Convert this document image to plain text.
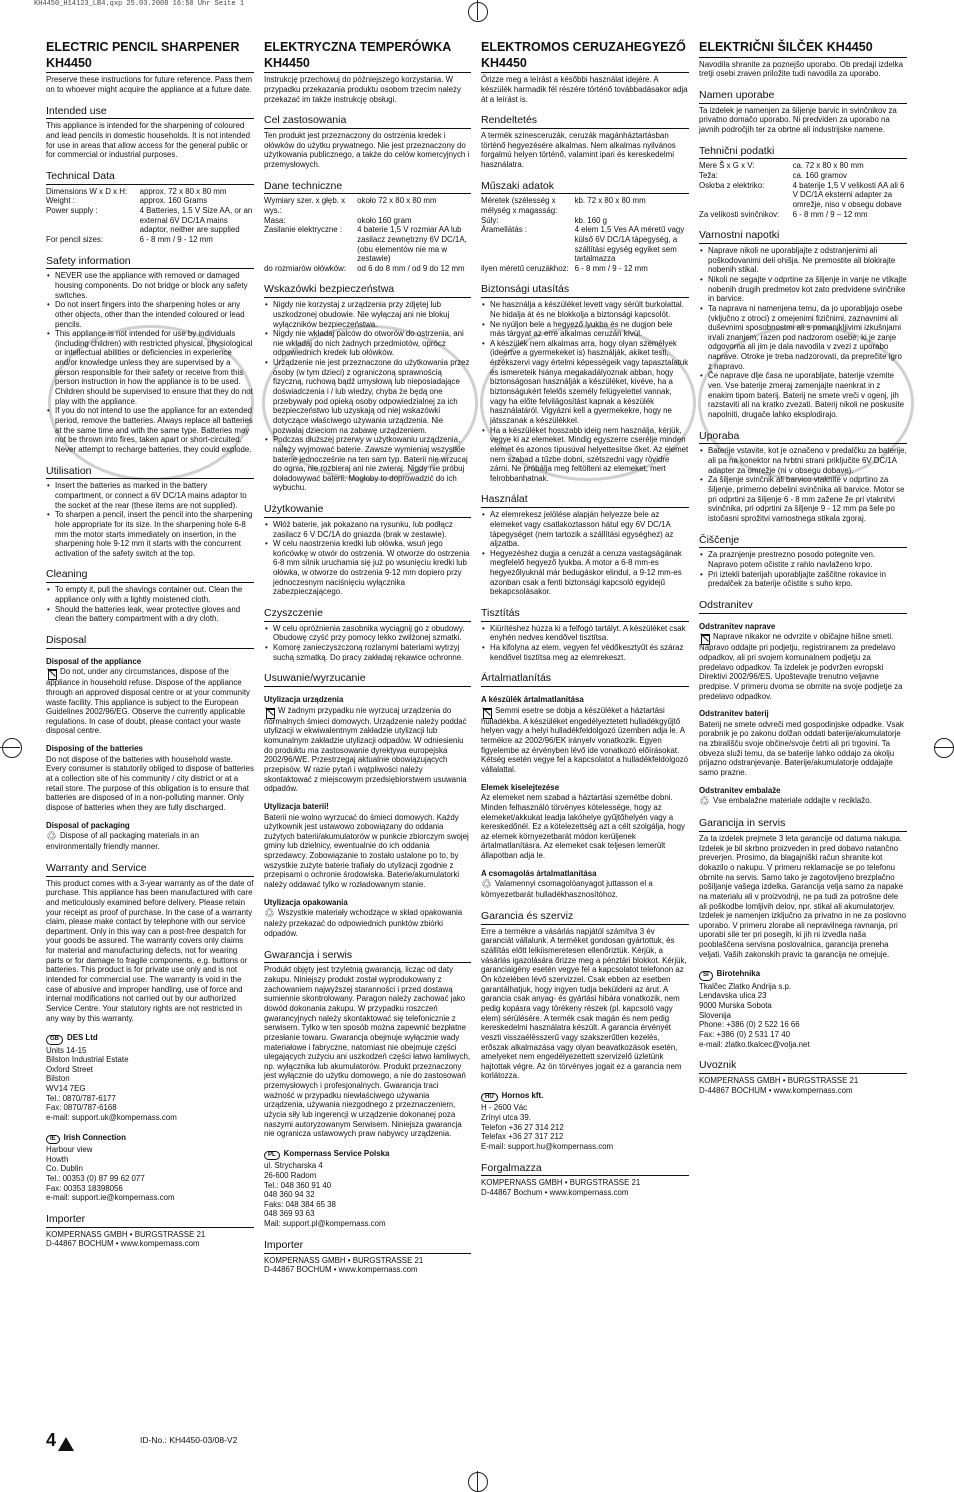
KH4450_H14123_LB4.qxp 25.03.2008 16:50 Uhr Seite 1
ELECTRIC PENCIL SHARPENER KH4450

Preserve these instructions for future reference. Pass them on to whoever might acquire the appliance at a future date.

Intended use

This appliance is intended for the sharpening of coloured and lead pencils in domestic households. It is not intended for use in areas that allow access for the general public or for commercial or industrial purposes.

Technical Data
Dimensions W x D x H:	approx. 72 x 80 x 80 mm
Weight :	approx. 160 Grams
Power supply :	4 Batteries, 1.5 V Size AA, or an external 6V DC/1A mains adaptor, neither are supplied
For pencil sizes:	6 - 8 mm / 9 - 12 mm
Safety information
• NEVER use the appliance with removed or damaged housing components. Do not bridge or block any safety switches.
• Do not insert fingers into the sharpening holes or any other objects, other than the intended coloured or lead pencils.
• This appliance is not intended for use by individuals (including children) with restricted physical, physiological or intellectual abilities or deficiencies in experience and/or knowledge unless they are supervised by a person responsible for their safety or receive from this person instruction in how the appliance is to be used. Children should be supervised to ensure that they do not play with the appliance.
• If you do not intend to use the appliance for an extended period, remove the batteries. Always replace all batteries at the same time and with the same type. Batteries may not be thrown into fires, taken apart or short-circuited. Never attempt to recharge batteries, they could explode.
Utilisation
• Insert the batteries as marked in the battery compartment, or connect a 6V DC/1A mains adaptor to the socket at the rear (these items are not supplied).
• To sharpen a pencil, insert the pencil into the sharpening hole appropriate for its size. In the sharpening hole 6-8 mm the motor starts immediately on insertion, in the sharpening hole 9-12 mm it starts with the concurrent activation of the safety switch at the top.
Cleaning
• To empty it, pull the shavings container out. Clean the appliance only with a lightly moistened cloth.
• Should the batteries leak, wear protective gloves and clean the battery compartment with a dry cloth.
Disposal
Disposal of the appliance

Do not, under any circumstances, dispose of the appliance in household refuse. Dispose of the appliance through an approved disposal centre or at your community waste facility. This appliance is subject to the European Guidelines 2002/96/EG. Observe the currently applicable regulations. In case of doubt, please contact your waste disposal centre.

Disposing of the batteries

Do not dispose of the batteries with household waste. Every consumer is statutorily obliged to dispose of batteries at a collection site of his community / city district or at a retail store. The purpose of this obligation is to ensure that batteries are disposed of in a non-polluting manner. Only dispose of batteries when they are fully discharged.

Disposal of packaging

♲Dispose of all packaging materials in an environmentally friendly manner.

Warranty and Service

This product comes with a 3-year warranty as of the date of purchase. This appliance has been manufactured with care and meticulously examined before delivery. Please retain your receipt as proof of purchase. In the case of a warranty claim, please make contact by telephone with our service department. Only in this way can a post-free despatch for your goods be assured. The warranty covers only claims for material and manufacturing defects, not for wearing parts or for damage to fragile components, e.g. buttons or batteries. This product is for private use only and is not intended for commercial use. The warranty is void in the case of abusive and improper handling, use of force and internal modifications not carried out by our authorized Service Centre. Your statutory rights are not restricted in any way by this warranty.

GB DES Ltd

Units 14-15

Bilston Industrial Estate

Oxford Street

Bilston

WV14 7EG

Tel.: 0870/787-6177

Fax: 0870/787-6168

e-mail: support.uk@kompernass.com

IE Irish Connection

Harbour view

Howth

Co. Dublin

Tel.: 00353 (0) 87 99 62 077

Fax: 00353 18398056

e-mail: support.ie@kompernass.com

Importer

KOMPERNASS GMBH • BURGSTRASSE 21

D-44867 BOCHUM • www.kompernass.com

ELEKTRYCZNA TEMPERÓWKA KH4450

Instrukcję przechowuj do późniejszego korzystania. W przypadku przekazania produktu osobom trzecim należy przekazać im także instrukcję obsługi.

Cel zastosowania

Ten produkt jest przeznaczony do ostrzenia kredek i ołówków do użytku prywatnego. Nie jest przeznaczony do użytkowania publicznego, a także do celów komercyjnych i przemysłowych.

Dane techniczne
Wymiary szer. x głęb. x wys.:	około 72 x 80 x 80 mm
Masa:	około 160 gram
Zasilanie elektryczne :	4 baterie 1,5 V rozmiar AA lub zasilacz zewnętrzny 6V DC/1A, (obu elementów nie ma w zestawie)
do rozmiarów ołówków:	od 6 do 8 mm / od 9 do 12 mm
Wskazówki bezpieczeństwa
• Nigdy nie korzystaj z urządzenia przy zdjętej lub uszkodzonej obudowie. Nie wyłączaj ani nie blokuj wyłączników bezpieczeństwa.
• Nigdy nie wkładaj palców do otworów do ostrzenia, ani nie wkładaj do nich żadnych przedmiotów, oprócz odpowiednich kredek lub ołówków.
• Urządzenie nie jest przeznaczone do użytkowania przez osoby (w tym dzieci) z ograniczoną sprawnością fizyczną, ruchową bądź umysłową lub nieposiadające doświadczenia i / lub wiedzy, chyba że będą one przebywały pod opieką osoby odpowiedzialnej za ich bezpieczeństwo lub uzyskają od niej wskazówki dotyczące właściwego używania urządzenia. Nie pozwalaj dzieciom na zabawę urządzeniem.
• Podczas dłuższej przerwy w użytkowaniu urządzenia, należy wyjmować baterie. Zawsze wymieniaj wszystkie baterie jednocześnie na ten sam typ. Baterii nie wrzucaj do ognia, nie rozbieraj ani nie zwieraj. Nigdy nie próbuj doładowywać baterii. Mogłoby to doprowadzić do ich wybuchu.
Użytkowanie
• Włóż baterie, jak pokazano na rysunku, lub podłącz zasilacz 6 V DC/1A do gniazda (brak w zestawie).
• W celu naostrzenia kredki lub ołówka, wsuń jego końcówkę w otwór do ostrzenia. W otworze do ostrzenia 6-8 mm silnik uruchamia się już po wsunięciu kredki lub ołówka, w otworze do ostrzenia 9-12 mm dopiero przy jednoczesnym naciśnięciu wyłącznika zabezpieczającego.
Czyszczenie
• W celu opróżnienia zasobnika wyciągnij go z obudowy. Obudowę czyść przy pomocy lekko zwilżonej szmatki.
• Komorę zanieczyszczoną rozlanymi bateriami wytrzyj suchą szmatką. Do pracy zakładaj rękawice ochronne.
Usuwanie/wyrzucanie
Utylizacja urządzenia

W żadnym przypadku nie wyrzucaj urządzenia do normalnych śmieci domowych. Urządzenie należy poddać utylizacji w ekwiwalentnym zakładzie utylizacji lub komunalnym zakładzie utylizacji odpadów. W odniesieniu do produktu ma zastosowanie dyrektywa europejska 2002/96/WE. Przestrzegaj aktualnie obowiązujących przepisów. W razie pytań i wątpliwości należy skontaktować z miejscowym przedsiębiorstwem usuwania odpadów.

Utylizacja baterii!

Baterii nie wolno wyrzucać do śmieci domowych. Każdy użytkownik jest ustawowo zobowiązany do oddania zużytych baterii/akumulatorów w punkcie zbiorczym swojej gminy lub dzielnicy, ewentualnie do ich oddania sprzedawcy. Zobowiązanie to zostało ustalone po to, by wszystkie zużyte baterie trafiały do utylizacji zgodnie z przepisami o ochronie środowiska. Baterie/akumulatorki należy oddawać tylko w rozładowanym stanie.

Utylizacja opakowania

♲Wszystkie materiały wchodzące w skład opakowania należy przekazać do odpowiednich punktów zbiórki odpadów.

Gwarancja i serwis

Produkt objęty jest trzyletnią gwarancją, licząc od daty zakupu. Niniejszy produkt został wyprodukowany z zachowaniem najwyższej staranności i przed dostawą sumiennie skontrolowany. Paragon należy zachować jako dowód dokonania zakupu. W przypadku roszczeń gwarancyjnych należy skontaktować się telefonicznie z serwisem. Tylko w ten sposób można zapewnić bezpłatne przesłanie towaru. Gwarancja obejmuje wyłącznie wady materiałowe i fabryczne, natomiast nie obejmuje części ulegających zużyciu ani uszkodzeń części łatwo łamliwych, np. wyłącznika lub akumulatorów. Produkt przeznaczony jest wyłącznie do użytku domowego, a nie do zastosowań przemysłowych i profesjonalnych. Gwarancja traci ważność w przypadku niewłaściwego używania urządzenia, używania niezgodnego z przeznaczeniem, użycia siły lub ingerencji w urządzenie dokonanej poza naszymi autoryzowanym Serwisem. Niniejsza gwarancja nie ogranicza ustawowych praw nabywcy urządzenia.

PL Kompernass Service Polska

ul. Strycharska 4

26-600 Radom

Tel.: 048 360 91 40

048 360 94 32

Faks: 048 384 65 38

048 369 93 63

Mail: support.pl@kompernass.com

Importer

KOMPERNASS GMBH • BURGSTRASSE 21

D-44867 BOCHUM • www.kompernass.com

ELEKTROMOS CERUZAHEGYEZŐ KH4450

Őrizze meg a leírást a későbbi használat idejére. A készülék harmadik fél részére történő továbbadásakor adja át a leírást is.

Rendeltetés

A termék színesceruzák, ceruzák magánháztartásban történő hegyezésére alkalmas. Nem alkalmas nyilvános forgalmú helyen történő, valamint ipari és kereskedelmi használatra.

Műszaki adatok
Méretek (szélesség x mélység x magasság:	kb. 72 x 80 x 80 mm
Súly:	kb. 160 g
Áramellátás :	4 elem 1,5 Ves AA méretű vagy külső 6V DC/1A tápegység, a szállítási egység egyiket sem tartalmazza
ilyen méretű ceruzákhoz:	6 - 8 mm / 9 - 12 mm
Biztonsági utasítás
• Ne használja a készüléket levett vagy sérült burkolattal. Ne hidalja át és ne blokkolja a biztonsági kapcsolót.
• Ne nyúljon bele a hegyező lyukba és ne dugjon bele más tárgyat az erre alkalmas ceruzán kívül.
• A készülék nem alkalmas arra, hogy olyan személyek (ideértve a gyermekeket is) használják, akiket testi, érzékszervi vagy értelmi képességeik vagy tapasztalatuk és ismereteik hiánya megakadályoznak abban, hogy biztonságosan használják a készüléket, kivéve, ha a biztonságukért felelős személy felügyelettel vannak, vagy ha előte felvilágosítást kapnak a készülék használatáról. Vigyázni kell a gyermekekre, hogy ne játsszanak a készülékkel.
• Ha a készüléket hosszabb ideig nem használja, kérjük, vegye ki az elemeket. Mindig egyszerre cserélje minden elemet és azonos típusúval helyettesítse őket. Az elemet nem szabad a tűzbe dobni, szétszedni vagy rövidre zárni. Ne próbálja meg feltölteni az elemeket, mert felrobbanhatnak.
Használat
• Az elemrekesz jelölése alapján helyezze bele az elemeket vagy csatlakoztasson hátul egy 6V DC/1A tápegységet (nem tartozik a szállítási egységhez) az aljzatba.
• Hegyezéshez dugja a ceruzát a ceruza vastagságának megfelelő hegyező lyukba. A motor a 6-8 mm-es hegyezőlyuknál már bedugáskor elindul, a 9-12 mm-es azonban csak a fenti biztonsági kapcsoló egyidejű bekapcsolásakor.
Tisztítás
• Kiürítéshez húzza ki a felfogó tartályt. A készüléket csak enyhén nedves kendővel tisztítsa.
• Ha kifolyna az elem, vegyen fel védőkesztyűt és száraz kendővel tisztítsa meg az elemrekeszt.
Ártalmatlanítás
A készülék ártalmatlanítása

Semmi esetre se dobja a készüléket a háztartási hulladékba. A készüléket engedélyeztetett hulladékgyűjtő helyen vagy a helyi hulladékfeldolgozó üzemben adja le. A termékre az 2002/96/EK irányelv vonatkozik. Egyen figyelembe az érvényben lévő ide vonatkozó előírásokat. Kétség esetén vegye fel a kapcsolatot a hulladékfeldolgozó vállalattal.

Elemek kiselejtezése

Az elemeket nem szabad a háztartási szemétbe dobni. Minden felhasználó törvényes kötelessége, hogy az elemeket/akkukat leadja lakóhelye gyűjtőhelyén vagy a kereskedőnél. Ez a kötelezettség azt a célt szolgálja, hogy az elemek környezetbarát módon kerüljenek ártalmatlanításra. Az elemeket csak teljesen lemerült állapotban adja le.

A csomagolás ártalmatlanítása

♲Valamennyi csomagolóanyagot juttasson el a környezetbarát hulladékhasznosítóhoz.

Garancia és szerviz

Erre a termékre a vásárlás napjától számítva 3 év garanciát vállalunk. A terméket gondosan gyártottuk, és szállítás előtt lelkiismeretesen ellenőriztük. Kérjük, a vásárlás igazolására őrizze meg a pénztári blokkot. Kérjük, garanciaigény esetén vegye fel a kapcsolatot telefonon az Ön közelében lévő szervizzel. Csak ebben az esetben garantálhatjuk, hogy ingyen tudja beküldeni az árut. A garancia csak anyag- és gyártási hibára vonatkozik, nem pedig kopásra vagy törékeny részek (pl. kapcsoló vagy elem) sérülésére. A termék csak magán és nem pedig kereskedelmi használatra készült. A garancia érvényét veszti visszaélésszerű vagy szakszerűtlen kezelés, erőszak alkalmazása vagy olyan beavatkozások esetén, amelyeket nem engedélyezettett szervizelő üzletünk hajtottak végre. Az ön törvényes jogait ez a garancia nem korlátozza.

HU Hornos kft.

H - 2600 Vác

Zrínyi utca 39.

Telefon +36 27 314 212

Telefax +36 27 317 212

E-mail: support.hu@kompernass.com

Forgalmazza

KOMPERNASS GMBH • BURGSTRASSE 21

D-44867 Bochum • www.kompernass.com

ELEKTRIČNI ŠILČEK KH4450

Navodila shranite za poznejšo uporabo. Ob predaji izdelka tretji osebi zraven priložite tudi navodila za uporabo.

Namen uporabe

Ta izdelek je namenjen za šiljenje barvic in svinčnikov za privatno domačo uporabo. Ni predviden za uporabo na javnih področjih ter za obrtne ali industrijske namene.

Tehnični podatki
Mere Š x G x V:	ca. 72 x 80 x 80 mm
Teža:	ca. 160 gramov
Oskrba z elektriko:	4 baterije 1,5 V velikosti AA ali 6 V DC/1A eksterni adapter za omrežje, niso v obsegu dobave
Za velikosti svinčnikov:	6 - 8 mm / 9 – 12 mm
Varnostni napotki
• Naprave nikoli ne uporabljajte z odstranjenimi ali poškodovanimi deli ohišja. Ne premostite ali blokirajte nobenih stikal.
• Nikoli ne segajte v odprtine za šiljenje in vanje ne vtikajte nobenih drugih predmetov kot zato predvidene svinčnike in barvice.
• Ta naprava ni namenjena temu, da jo uporabljajo osebe (vključno z otroci) z omejenimi fizičnimi, zaznavnimi ali duševnimi sposobnostmi ali s pomanjkljivimi izkušnjami in/ali znanjem, razen pod nadzorom osebe, ki je zanje odgovorna ali jim je dala navodila v zvezi z uporabo naprave. Otroke je treba nadzorovati, da preprečite igro z napravo.
• Če naprave dlje časa ne uporabljate, baterije vzemite ven. Vse baterije zmeraj zamenjajte naenkrat in z enakim tipom baterij. Baterij ne smete vreči v ogenj, jih razstaviti ali na kratko zvezati. Baterij nikoli ne poskusite napolniti, drugače lahko eksplodirajo.
Uporaba
• Baterije vstavite, kot je označeno v predalčku za baterije, ali pa na konektor na hrbtni strani priključite 6V DC/1A adapter za omrežje (ni v obsegu dobave).
• Za šiljenje svinčnik ali barvico vtaknite v odprtino za šiljenje, primerno debelini svinčnika ali barvice. Motor se pri odprtini za šiljenje 6 - 8 mm zažene že pri vtaknitvi svinčnika, pri odprtini za šiljenje 9 - 12 mm pa šele po istočasni sprožitvi varnostnega stikala zgoraj.
Čiščenje
• Za praznjenje prestrezno posodo potegnite ven. Napravo potem očistite z rahlo navlaženo krpo.
• Pri iztekli baterijah uporabljajte zaščitne rokavice in predalček za baterije očistite s suho krpo.
Odstranitev
Odstranitev naprave

Naprave nikakor ne odvrzite v običajne hišne smeti. Napravo oddajte pri podjetju, registriranem za predelavo odpadkov, ali pri svojem komunalnem podjetju za predelavo odpadkov. Ta izdelek je podvržen evropski Direktivi 2002/96/ES. Upoštevajte trenutno veljavne predpise. V primeru dvoma se obrnite na svoje podjetje za predelavo odpadkov.

Odstranitev baterij

Baterij ne smete odvreči med gospodinjske odpadke. Vsak porabnik je po zakonu dolžan oddati baterije/akumulatorje na zbirališču svoje občine/svoje četrti ali pri trgovini. Ta obveza služi temu, da se baterije lahko oddajo za okolju prijazno odstranjevanje. Baterije/akumulatorje oddajajte samo prazne.

Odstranitev embalaže

♲Vse embalažne materiale oddajte v reciklažo.

Garancija in servis

Za ta izdelek prejmete 3 leta garancije od datuma nakupa. Izdelek je bil skrbno proizveden in pred dobavo natančno preverjen. Prosimo, da blagajniški račun shranite kot dokazilo o nakupu. V primeru reklamacije se po telefonu obrnite na servis. Samo tako je zagotovljeno brezplačno pošiljanje vašega izdelka. Garancija velja samo za napake na materialu ali v proizvodnji, ne pa tudi za potrošne dele ali poškodbe lomljivih delov, npr. stikal ali akumulatorjev. Izdelek je namenjen izključno za privatno in ne za poslovno uporabo. V primeru zlorabe ali nepravilnega ravnanja, pri uporabi sile ter pri posegih, ki jih ni izvedla naša pooblaščena servisna poslovalnica, garancija preneha veljati. Vaših zakonskih pravic ta garancija ne omejuje.

SI Birotehnika

Tkalčec Zlatko Andrija s.p.

Lendavska ulica 23

9000 Murska Sobota

Slovenija

Phone: +386 (0) 2 522 16 66

Fax: +386 (0) 2 531 17 40

e-mail: zlatko.tkalcec@volja.net

Uvoznik

KOMPERNASS GMBH • BURGSTRASSE 21

D-44867 BOCHUM • www.kompernass.com

4	ID-No.: KH4450-03/08-V2
